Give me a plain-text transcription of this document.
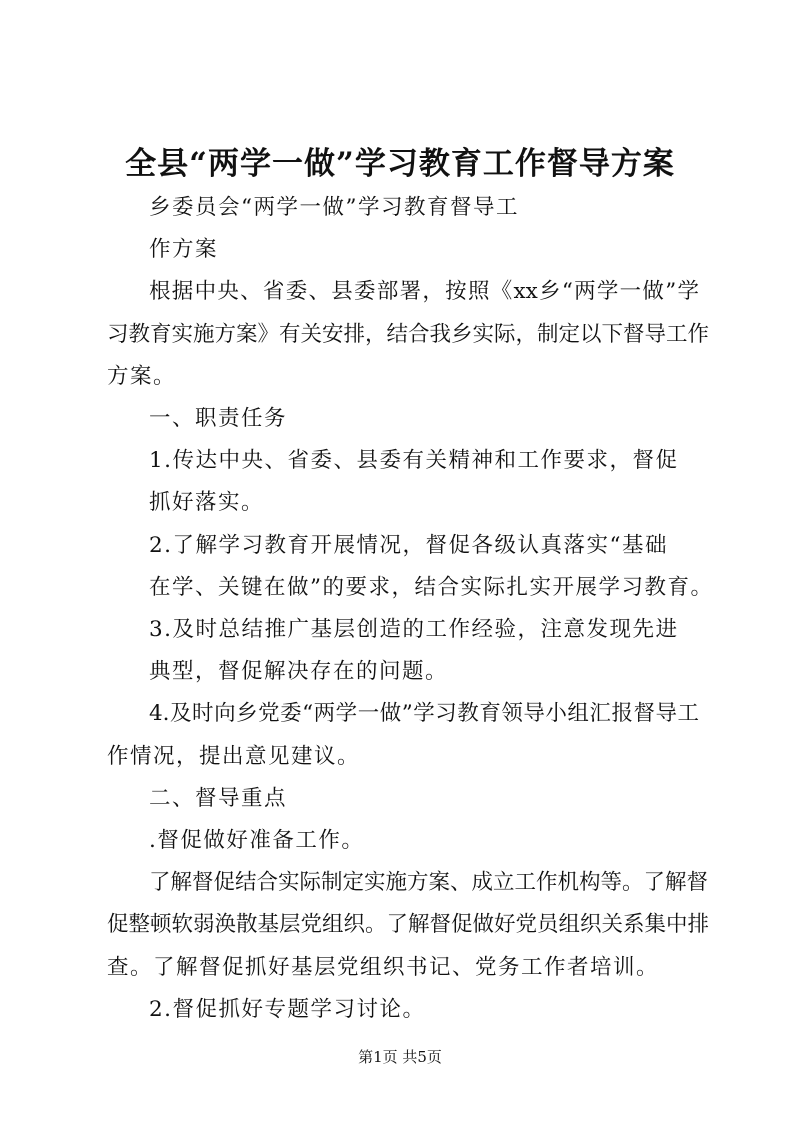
全县“两学一做”学习教育工作督导方案
乡委员会“两学一做”学习教育督导工
作方案
根据中央、省委、县委部署，按照《xx乡“两学一做”学
习教育实施方案》有关安排，结合我乡实际，制定以下督导工作
方案。
一、职责任务
1.传达中央、省委、县委有关精神和工作要求，督促
抓好落实。
2.了解学习教育开展情况，督促各级认真落实“基础
在学、关键在做”的要求，结合实际扎实开展学习教育。
3.及时总结推广基层创造的工作经验，注意发现先进
典型，督促解决存在的问题。
4.及时向乡党委“两学一做”学习教育领导小组汇报督导工
作情况，提出意见建议。
二、督导重点
.督促做好准备工作。
了解督促结合实际制定实施方案、成立工作机构等。了解督
促整顿软弱涣散基层党组织。了解督促做好党员组织关系集中排
查。了解督促抓好基层党组织书记、党务工作者培训。
第1页 共5页
2.督促抓好专题学习讨论。
